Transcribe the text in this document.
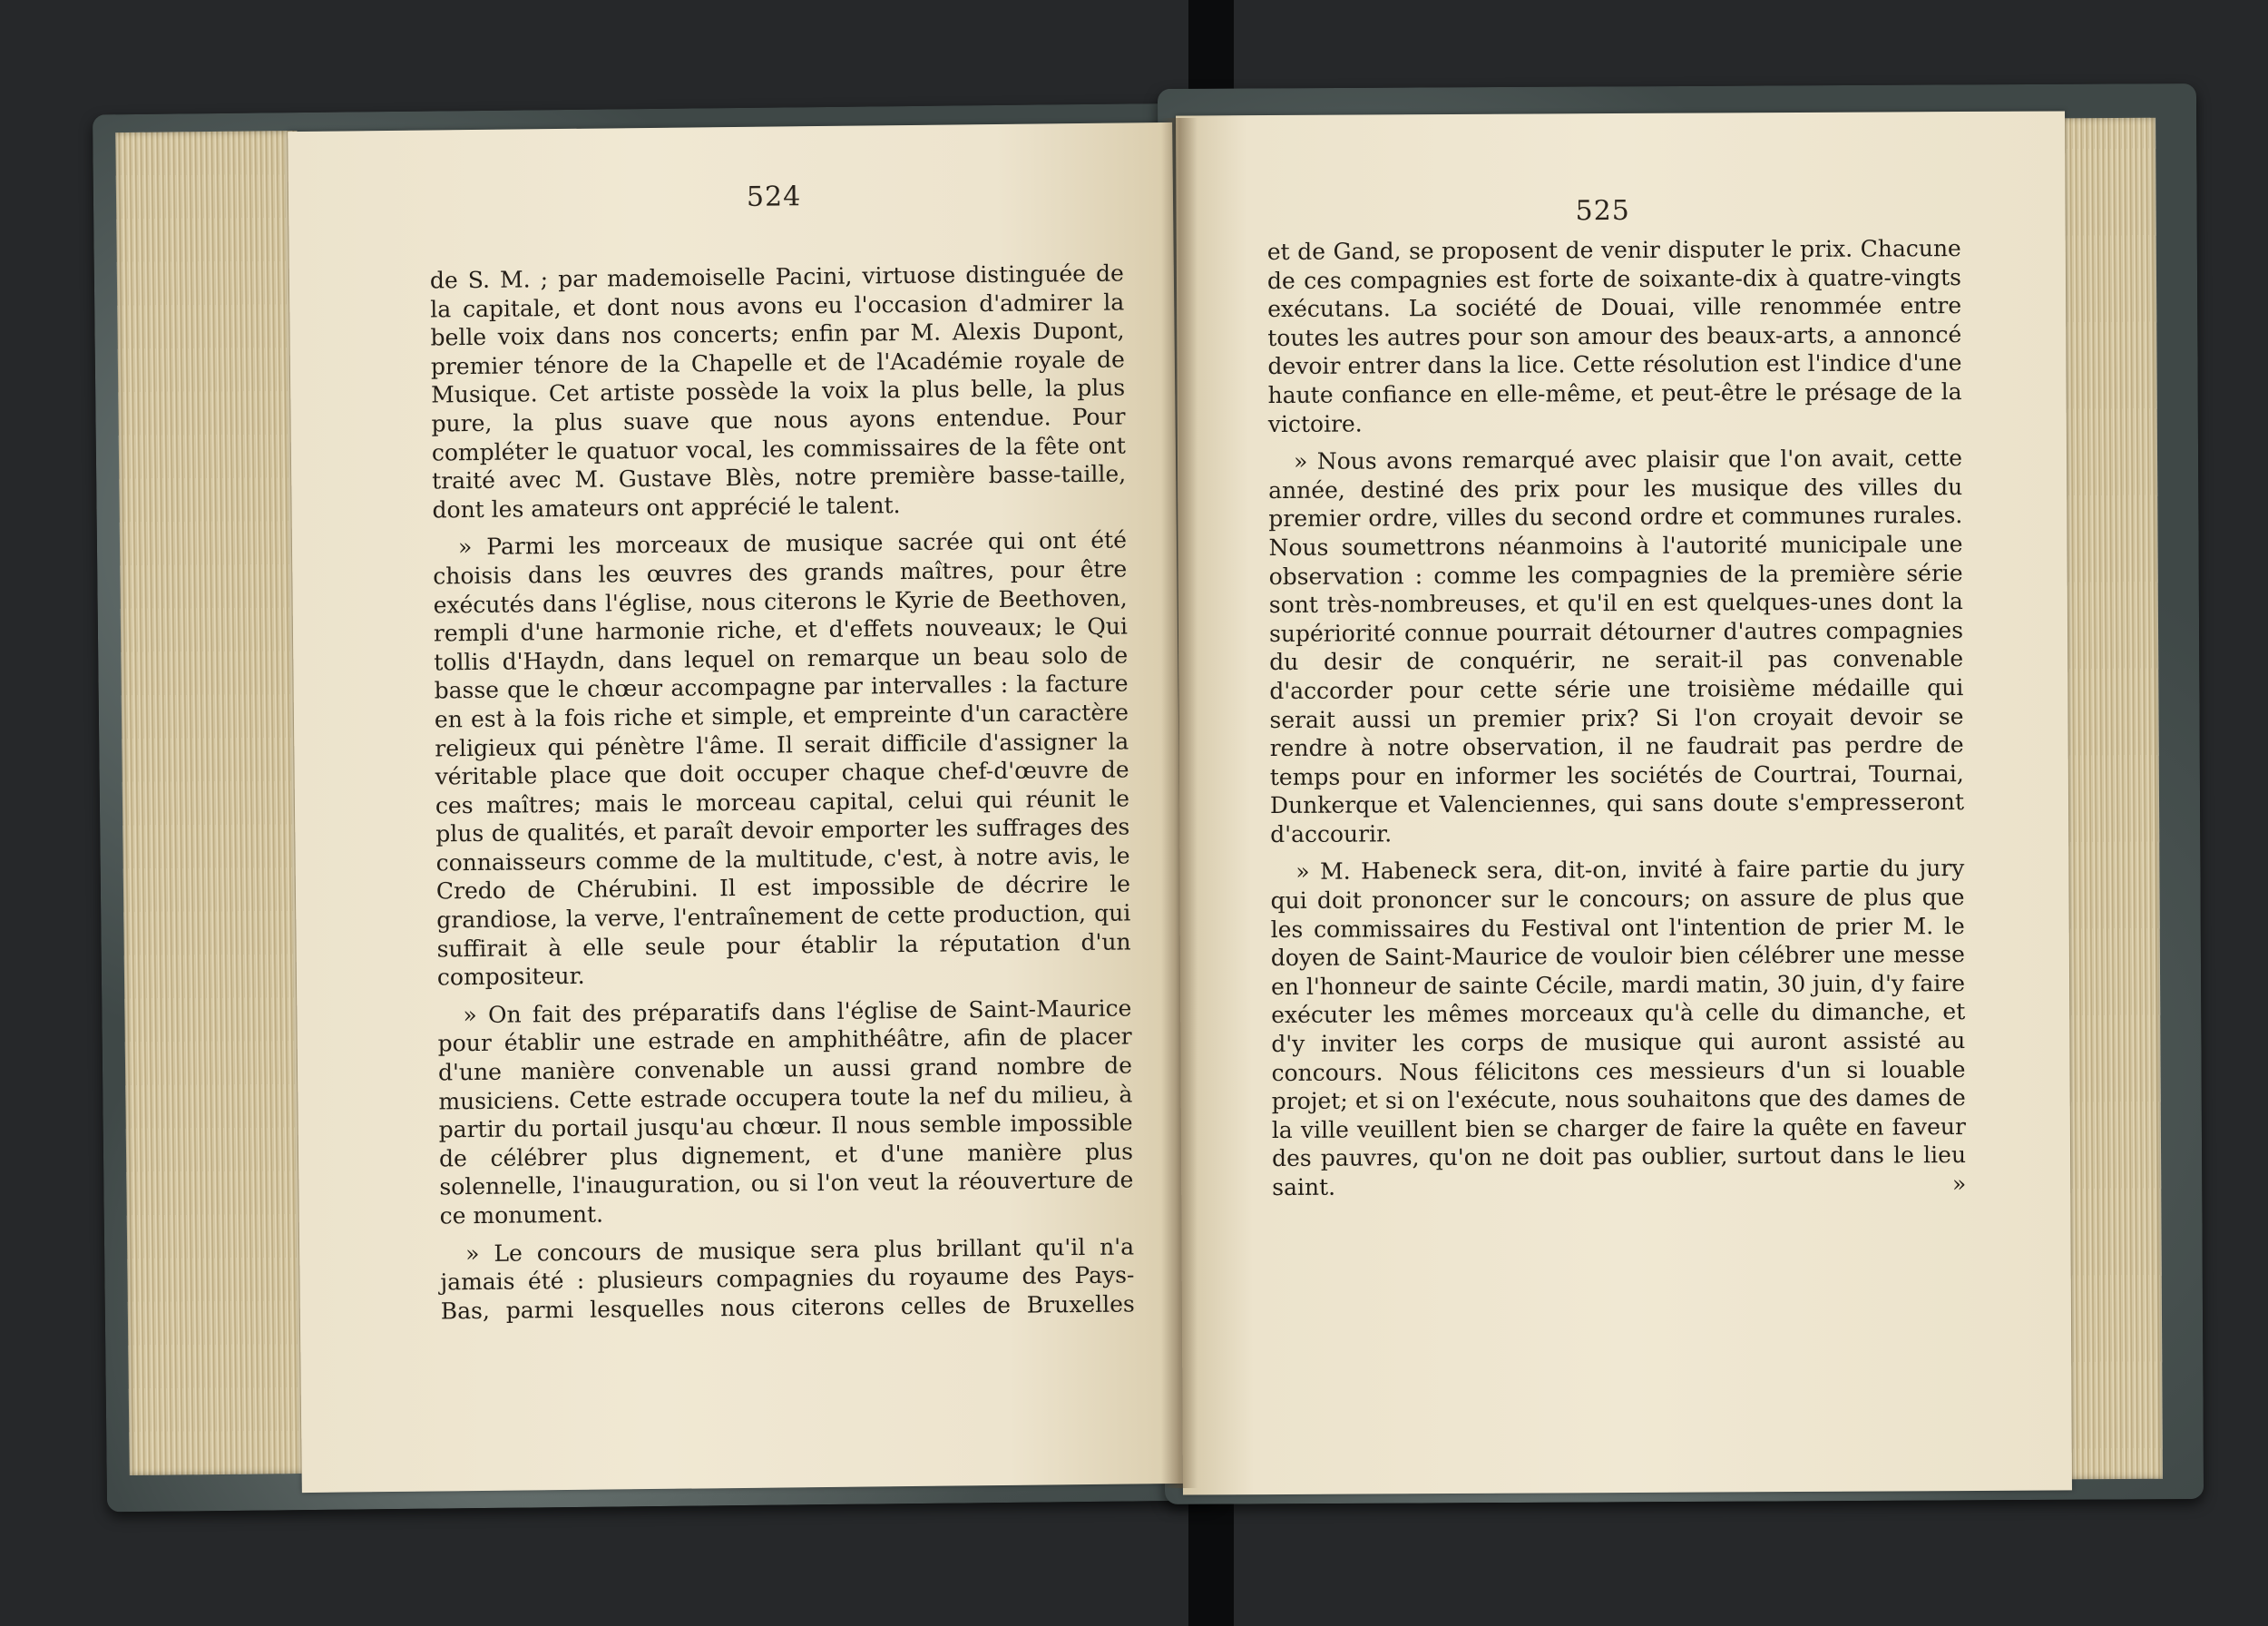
524

de S. M. ; par mademoiselle Pacini, virtuose distinguée de la capitale, et dont nous avons eu l'occasion d'admirer la belle voix dans nos concerts; enfin par M. Alexis Dupont, premier ténore de la Chapelle et de l'Académie royale de Musique. Cet artiste possède la voix la plus belle, la plus pure, la plus suave que nous ayons entendue. Pour compléter le quatuor vocal, les commissaires de la fête ont traité avec M. Gustave Blès, notre première basse-taille, dont les amateurs ont apprécié le talent.

» Parmi les morceaux de musique sacrée qui ont été choisis dans les œuvres des grands maîtres, pour être exécutés dans l'église, nous citerons le Kyrie de Beethoven, rempli d'une harmonie riche, et d'effets nouveaux; le Qui tollis d'Haydn, dans lequel on remarque un beau solo de basse que le chœur accompagne par intervalles : la facture en est à la fois riche et simple, et empreinte d'un caractère religieux qui pénètre l'âme. Il serait difficile d'assigner la véritable place que doit occuper chaque chef-d'œuvre de ces maîtres; mais le morceau capital, celui qui réunit le plus de qualités, et paraît devoir emporter les suffrages des connaisseurs comme de la multitude, c'est, à notre avis, le Credo de Chérubini. Il est impossible de décrire le grandiose, la verve, l'entraînement de cette production, qui suffirait à elle seule pour établir la réputation d'un compositeur.

» On fait des préparatifs dans l'église de Saint-Maurice pour établir une estrade en amphithéâtre, afin de placer d'une manière convenable un aussi grand nombre de musiciens. Cette estrade occupera toute la nef du milieu, à partir du portail jusqu'au chœur. Il nous semble impossible de célébrer plus dignement, et d'une manière plus solennelle, l'inauguration, ou si l'on veut la réouverture de ce monument.

» Le concours de musique sera plus brillant qu'il n'a jamais été : plusieurs compagnies du royaume des Pays-Bas, parmi lesquelles nous citerons celles de Bruxelles

525

et de Gand, se proposent de venir disputer le prix. Chacune de ces compagnies est forte de soixante-dix à quatre-vingts exécutans. La société de Douai, ville renommée entre toutes les autres pour son amour des beaux-arts, a annoncé devoir entrer dans la lice. Cette résolution est l'indice d'une haute confiance en elle-même, et peut-être le présage de la victoire.

» Nous avons remarqué avec plaisir que l'on avait, cette année, destiné des prix pour les musique des villes du premier ordre, villes du second ordre et communes rurales. Nous soumettrons néanmoins à l'autorité municipale une observation : comme les compagnies de la première série sont très-nombreuses, et qu'il en est quelques-unes dont la supériorité connue pourrait détourner d'autres compagnies du desir de conquérir, ne serait-il pas convenable d'accorder pour cette série une troisième médaille qui serait aussi un premier prix? Si l'on croyait devoir se rendre à notre observation, il ne faudrait pas perdre de temps pour en informer les sociétés de Courtrai, Tournai, Dunkerque et Valenciennes, qui sans doute s'empresseront d'accourir.

» M. Habeneck sera, dit-on, invité à faire partie du jury qui doit prononcer sur le concours; on assure de plus que les commissaires du Festival ont l'intention de prier M. le doyen de Saint-Maurice de vouloir bien célébrer une messe en l'honneur de sainte Cécile, mardi matin, 30 juin, d'y faire exécuter les mêmes morceaux qu'à celle du dimanche, et d'y inviter les corps de musique qui auront assisté au concours. Nous félicitons ces messieurs d'un si louable projet; et si on l'exécute, nous souhaitons que des dames de la ville veuillent bien se charger de faire la quête en faveur des pauvres, qu'on ne doit pas oublier, surtout dans le lieu saint. »
